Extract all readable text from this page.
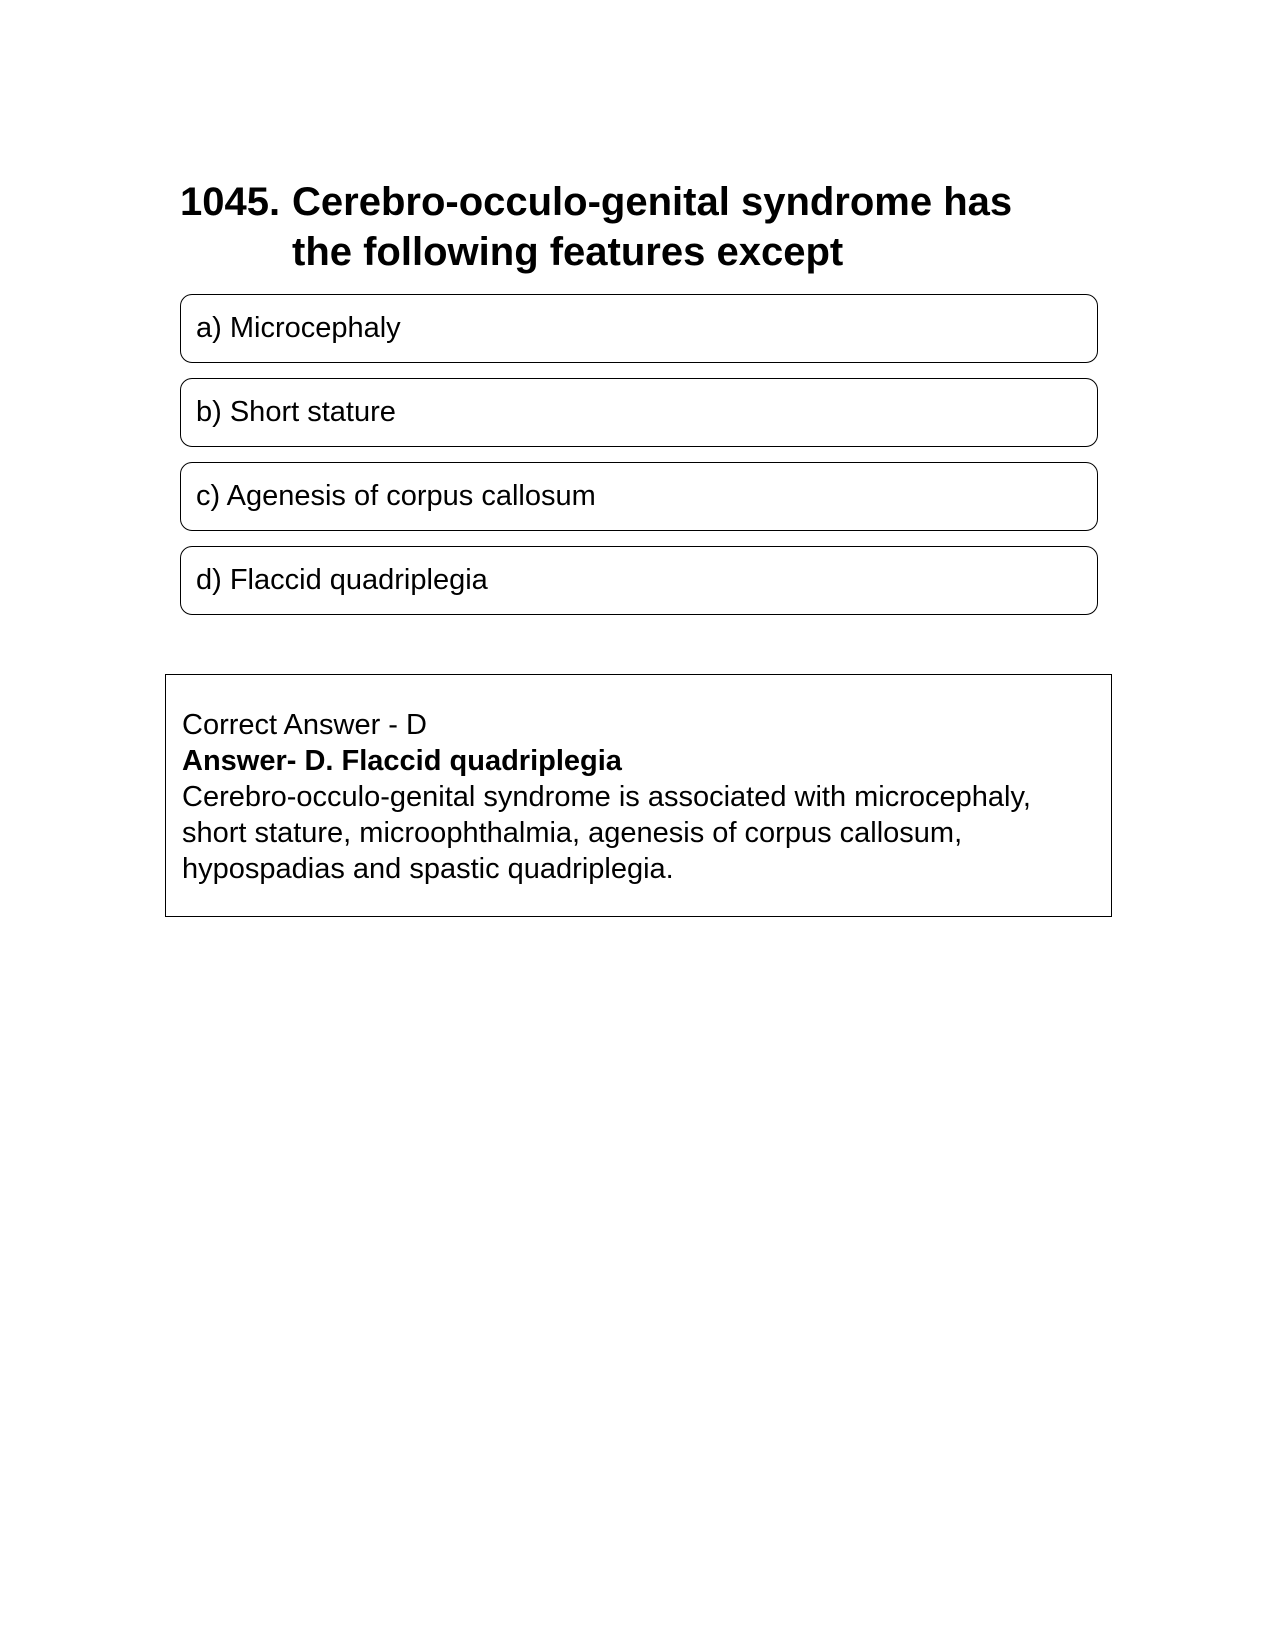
1045. Cerebro-occulo-genital syndrome has the following features except
a) Microcephaly
b) Short stature
c) Agenesis of corpus callosum
d) Flaccid quadriplegia
Correct Answer - D
Answer- D. Flaccid quadriplegia
Cerebro-occulo-genital syndrome is associated with microcephaly, short stature, microophthalmia, agenesis of corpus callosum, hypospadias and spastic quadriplegia.
